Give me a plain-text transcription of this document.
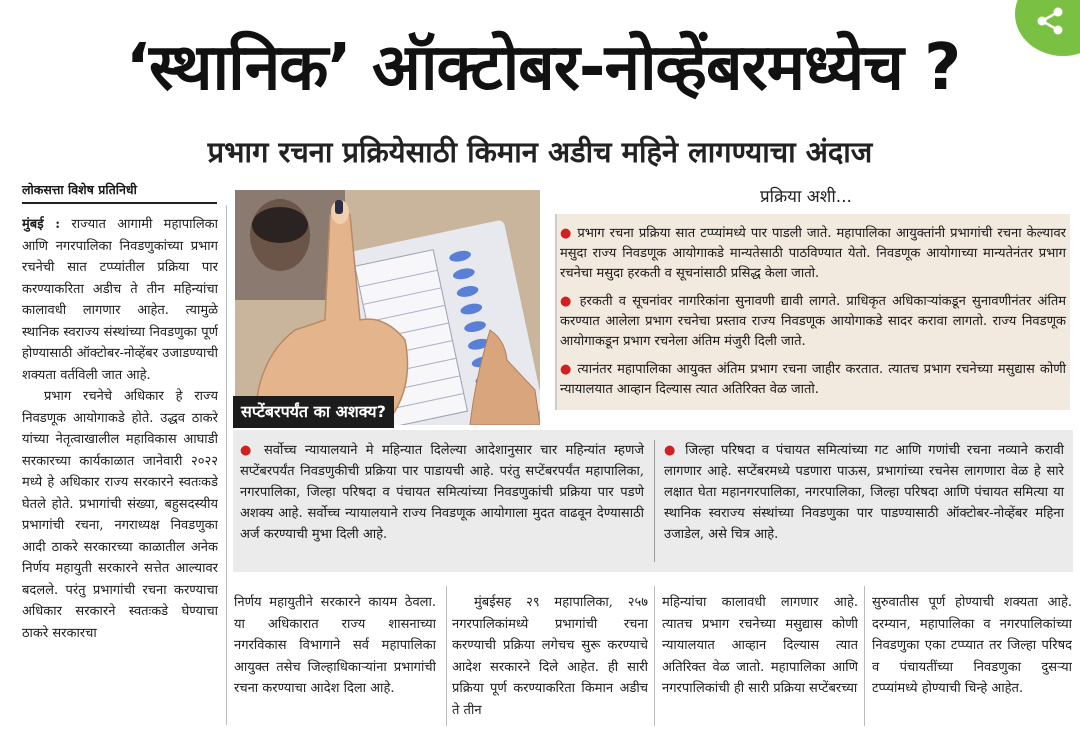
‘स्थानिक’ ऑक्टोबर-नोव्हेंबरमध्येच ?
प्रभाग रचना प्रक्रियेसाठी किमान अडीच महिने लागण्याचा अंदाज
लोकसत्ता विशेष प्रतिनिधी

मुंबई : राज्यात आगामी महापालिका आणि नगरपालिका निवडणुकांच्या प्रभाग रचनेची सात टप्प्यांतील प्रक्रिया पार करण्याकरिता अडीच ते तीन महिन्यांचा कालावधी लागणार आहेत. त्यामुळे स्थानिक स्वराज्य संस्थांच्या निवडणुका पूर्ण होण्यासाठी ऑक्टोबर-नोव्हेंबर उजाडण्याची शक्यता वर्तविली जात आहे.

प्रभाग रचनेचे अधिकार हे राज्य निवडणूक आयोगाकडे होते. उद्धव ठाकरे यांच्या नेतृत्वाखालील महाविकास आघाडी सरकारच्या कार्यकाळात जानेवारी २०२२ मध्ये हे अधिकार राज्य सरकारने स्वतःकडे घेतले होते. प्रभागांची संख्या, बहुसदस्यीय प्रभागांची रचना, नगराध्यक्ष निवडणुका आदी ठाकरे सरकारच्या काळातील अनेक निर्णय महायुती सरकारने सत्तेत आल्यावर बदलले. परंतु प्रभागांची रचना करण्याचा अधिकार सरकारने स्वतःकडे घेण्याचा ठाकरे सरकारचा

सप्टेंबरपर्यंत का अशक्य?
प्रक्रिया अशी...
● प्रभाग रचना प्रक्रिया सात टप्प्यांमध्ये पार पाडली जाते. महापालिका आयुक्तांनी प्रभागांची रचना केल्यावर मसुदा राज्य निवडणूक आयोगाकडे मान्यतेसाठी पाठविण्यात येतो. निवडणूक आयोगाच्या मान्यतेनंतर प्रभाग रचनेचा मसुदा हरकती व सूचनांसाठी प्रसिद्ध केला जातो.
● हरकती व सूचनांवर नागरिकांना सुनावणी द्यावी लागते. प्राधिकृत अधिकाऱ्यांकडून सुनावणीनंतर अंतिम करण्यात आलेला प्रभाग रचनेचा प्रस्ताव राज्य निवडणूक आयोगाकडे सादर करावा लागतो. राज्य निवडणूक आयोगाकडून प्रभाग रचनेला अंतिम मंजुरी दिली जाते.
● त्यानंतर महापालिका आयुक्त अंतिम प्रभाग रचना जाहीर करतात. त्यातच प्रभाग रचनेच्या मसुद्यास कोणी न्यायालयात आव्हान दिल्यास त्यात अतिरिक्त वेळ जातो.
● सर्वोच्च न्यायालयाने मे महिन्यात दिलेल्या आदेशानुसार चार महिन्यांत म्हणजे सप्टेंबरपर्यंत निवडणुकीची प्रक्रिया पार पाडायची आहे. परंतु सप्टेंबरपर्यंत महापालिका, नगरपालिका, जिल्हा परिषदा व पंचायत समित्यांच्या निवडणुकांची प्रक्रिया पार पडणे अशक्य आहे. सर्वोच्च न्यायालयाने राज्य निवडणूक आयोगाला मुदत वाढवून देण्यासाठी अर्ज करण्याची मुभा दिली आहे.
● जिल्हा परिषदा व पंचायत समित्यांच्या गट आणि गणांची रचना नव्याने करावी लागणार आहे. सप्टेंबरमध्ये पडणारा पाऊस, प्रभागांच्या रचनेस लागणारा वेळ हे सारे लक्षात घेता महानगरपालिका, नगरपालिका, जिल्हा परिषदा आणि पंचायत समित्या या स्थानिक स्वराज्य संस्थांच्या निवडणुका पार पाडण्यासाठी ऑक्टोबर-नोव्हेंबर महिना उजाडेल, असे चित्र आहे.
निर्णय महायुतीने सरकारने कायम ठेवला. या अधिकारात राज्य शासनाच्या नगरविकास विभागाने सर्व महापालिका आयुक्त तसेच जिल्हाधिकाऱ्यांना प्रभागांची रचना करण्याचा आदेश दिला आहे.
मुंबईसह २९ महापालिका, २५७ नगरपालिकांमध्ये प्रभागांची रचना करण्याची प्रक्रिया लगेचच सुरू करण्याचे आदेश सरकारने दिले आहेत. ही सारी प्रक्रिया पूर्ण करण्याकरिता किमान अडीच ते तीन
महिन्यांचा कालावधी लागणार आहे. त्यातच प्रभाग रचनेच्या मसुद्यास कोणी न्यायालयात आव्हान दिल्यास त्यात अतिरिक्त वेळ जातो. महापालिका आणि नगरपालिकांची ही सारी प्रक्रिया सप्टेंबरच्या
सुरुवातीस पूर्ण होण्याची शक्यता आहे. दरम्यान, महापालिका व नगरपालिकांच्या निवडणुका एका टप्प्यात तर जिल्हा परिषद व पंचायतींच्या निवडणुका दुसऱ्या टप्प्यांमध्ये होण्याची चिन्हे आहेत.
